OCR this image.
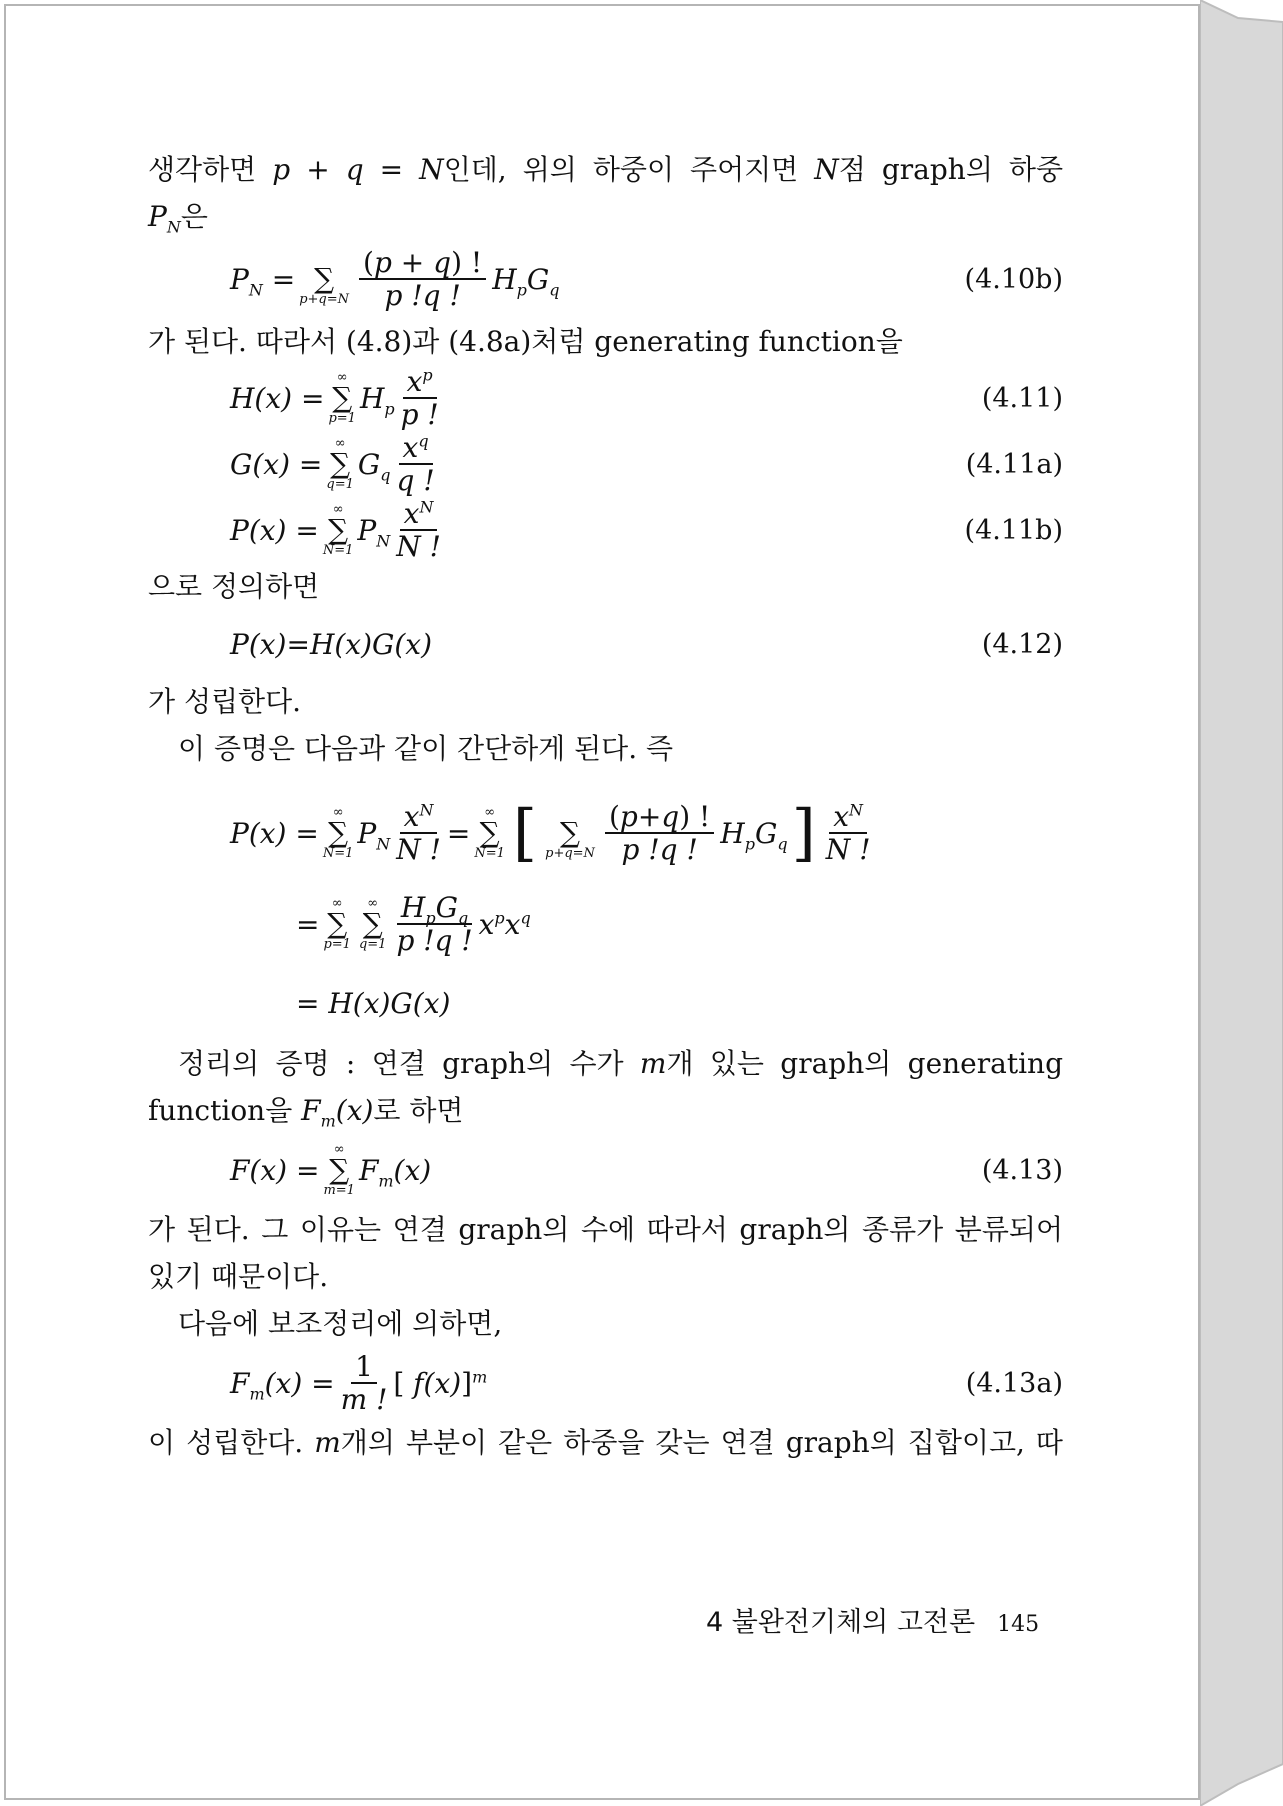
생각하면 p + q = N인데, 위의 하중이 주어지면 N점 graph의 하중

$P_N$은

$P_N$ =
∑
$p+q=N \frac{(p + q) !}{p !q !} H_pG_q$	(4.10b)

가 된다. 따라서 (4.8)과 (4.8a)처럼 generating function을

H(x) =
∞
∑
p=1
$H_p \frac{x^p}{p !}$	(4.11)
G(x) =
∞
∑
q=1
$G_q \frac{x^q}{q !}$	(4.11a)
P(x) =
∞
∑
N=1
$P_N \frac{x^N}{N !}$	(4.11b)

으로 정의하면

P(x)=H(x)G(x)	(4.12)

가 성립한다.

이 증명은 다음과 같이 간단하게 된다. 즉

P(x) =
∞
∑
N=1
$P_N \frac{x^N}{N !}$ =
∞
∑
N=1 [
∑
$p+q=N \frac{(p+q) !}{p !q !} H_pG_q$ ] $\frac{x^N}{N !}$
=
∞
∑
p=1
∞
∑
$q=1 \frac{H_pG_q}{p !q !} x^px^q$
= H(x)G(x)

정리의 증명 : 연결 graph의 수가 m개 있는 graph의 generating

function을 $F_m(x)$로 하면

F(x) =
∞
∑
m=1
$F_m(x)$	(4.13)

가 된다. 그 이유는 연결 graph의 수에 따라서 graph의 종류가 분류되어

있기 때문이다.

다음에 보조정리에 의하면,

$F_m(x) = \frac{1}{m !}$ [ f(x)]$^m$	(4.13a)

이 성립한다. m개의 부분이 같은 하중을 갖는 연결 graph의 집합이고, 따

4 불완전기체의 고전론 145
